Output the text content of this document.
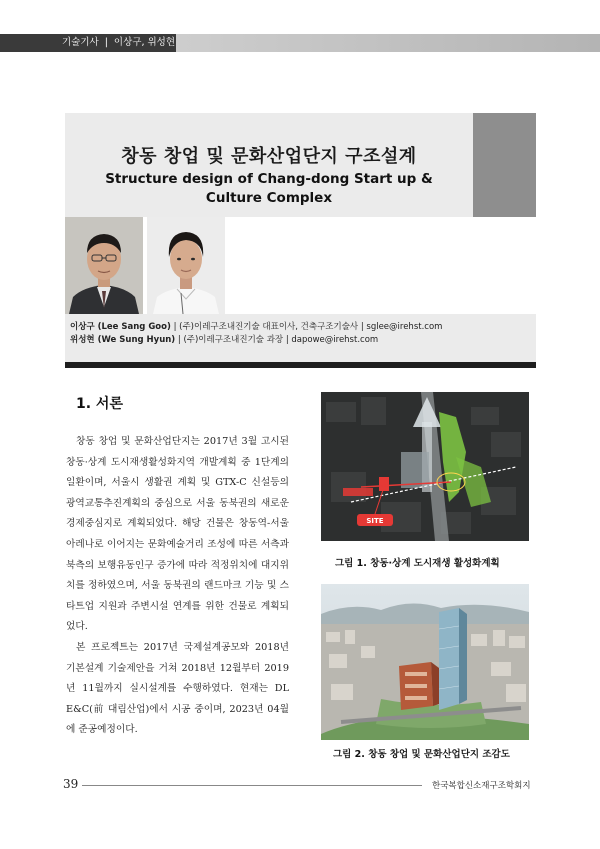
기술기사 | 이상구, 위성현
창동 창업 및 문화산업단지 구조설계
Structure design of Chang-dong Start up & Culture Complex
이상구 (Lee Sang Goo) | (주)이레구조내진기술 대표이사, 건축구조기술사 | sglee@irehst.com
위성현 (We Sung Hyun) | (주)이레구조내진기술 과장 | dapowe@irehst.com
1. 서론

창동 창업 및 문화산업단지는 2017년 3월 고시된 창동·상계 도시재생활성화지역 개발계획 중 1단계의 일환이며, 서울시 생활권 계획 및 GTX-C 신설등의 광역교통추진계획의 중심으로 서울 동북권의 새로운 경제중심지로 계획되었다. 해당 건물은 창동역-서울아레나로 이어지는 문화예술거리 조성에 따른 서측과 북측의 보행유동인구 증가에 따라 적정위치에 대지위치를 정하였으며, 서울 동북권의 랜드마크 기능 및 스타트업 지원과 주변시설 연계를 위한 건물로 계획되었다.

본 프로젝트는 2017년 국제설계공모와 2018년 기본설계 기술제안을 거쳐 2018년 12월부터 2019년 11월까지 실시설계를 수행하였다. 현재는 DL E&C(前 대림산업)에서 시공 중이며, 2023년 04월에 준공예정이다.

SITE
그림 1. 창동·상계 도시재생 활성화계획
그림 2. 창동 창업 및 문화산업단지 조감도
39	한국복합신소재구조학회지
